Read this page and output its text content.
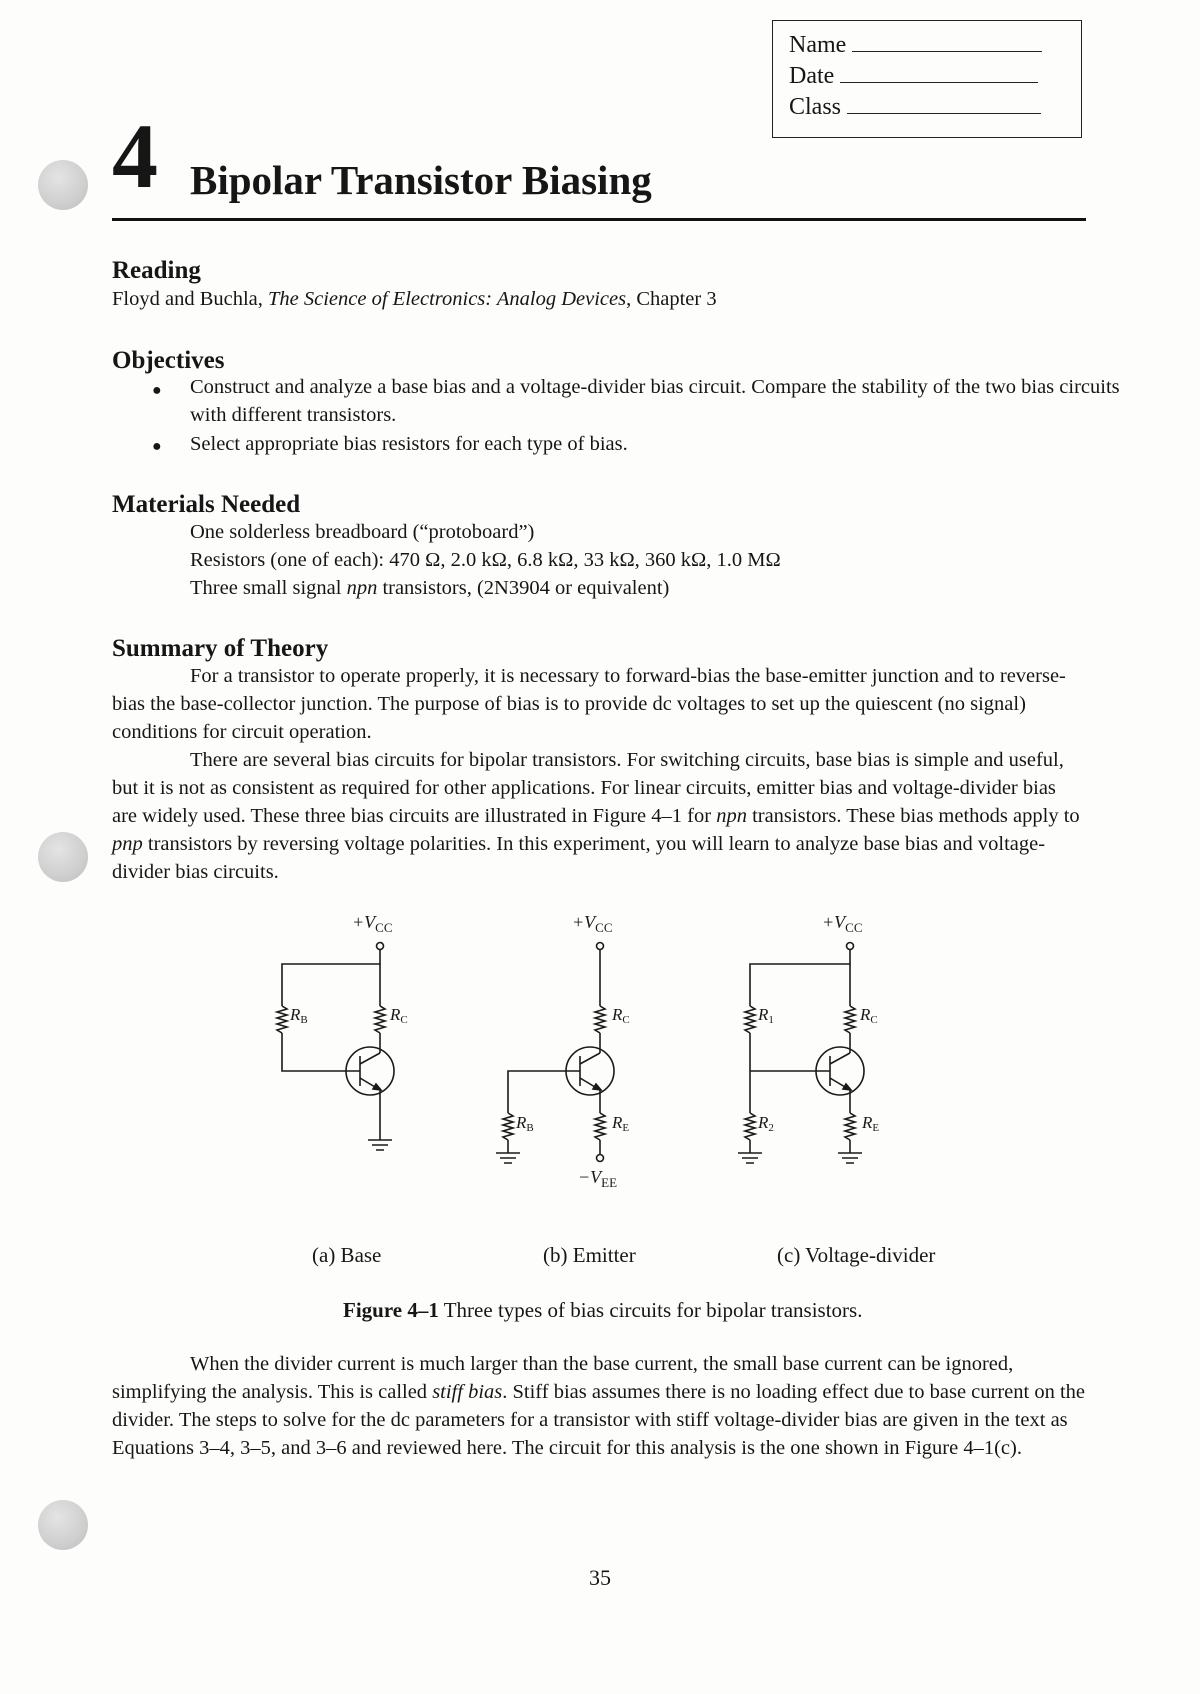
Name
Date
Class
4 Bipolar Transistor Biasing
Reading
Floyd and Buchla, The Science of Electronics: Analog Devices, Chapter 3
Objectives
● Construct and analyze a base bias and a voltage-divider bias circuit. Compare the stability of the two bias circuits with different transistors.
● Select appropriate bias resistors for each type of bias.
Materials Needed
One solderless breadboard (“protoboard”)
Resistors (one of each): 470 Ω, 2.0 kΩ, 6.8 kΩ, 33 kΩ, 360 kΩ, 1.0 MΩ
Three small signal npn transistors, (2N3904 or equivalent)
Summary of Theory
For a transistor to operate properly, it is necessary to forward-bias the base-emitter junction and to reverse-bias the base-collector junction. The purpose of bias is to provide dc voltages to set up the quiescent (no signal) conditions for circuit operation.
There are several bias circuits for bipolar transistors. For switching circuits, base bias is simple and useful, but it is not as consistent as required for other applications. For linear circuits, emitter bias and voltage-divider bias are widely used. These three bias circuits are illustrated in Figure 4–1 for npn transistors. These bias methods apply to pnp transistors by reversing voltage polarities. In this experiment, you will learn to analyze base bias and voltage-divider bias circuits.
$+V_{CC}$
RB	RC
$+V_{CC}$
RC
RB	RE
$-V_{EE}$
$+V_{CC}$
R1	RC
R2	RE
(a) Base	(b) Emitter	(c) Voltage-divider
Figure 4–1 Three types of bias circuits for bipolar transistors.
When the divider current is much larger than the base current, the small base current can be ignored, simplifying the analysis. This is called stiff bias. Stiff bias assumes there is no loading effect due to base current on the divider. The steps to solve for the dc parameters for a transistor with stiff voltage-divider bias are given in the text as Equations 3–4, 3–5, and 3–6 and reviewed here. The circuit for this analysis is the one shown in Figure 4–1(c).
35
